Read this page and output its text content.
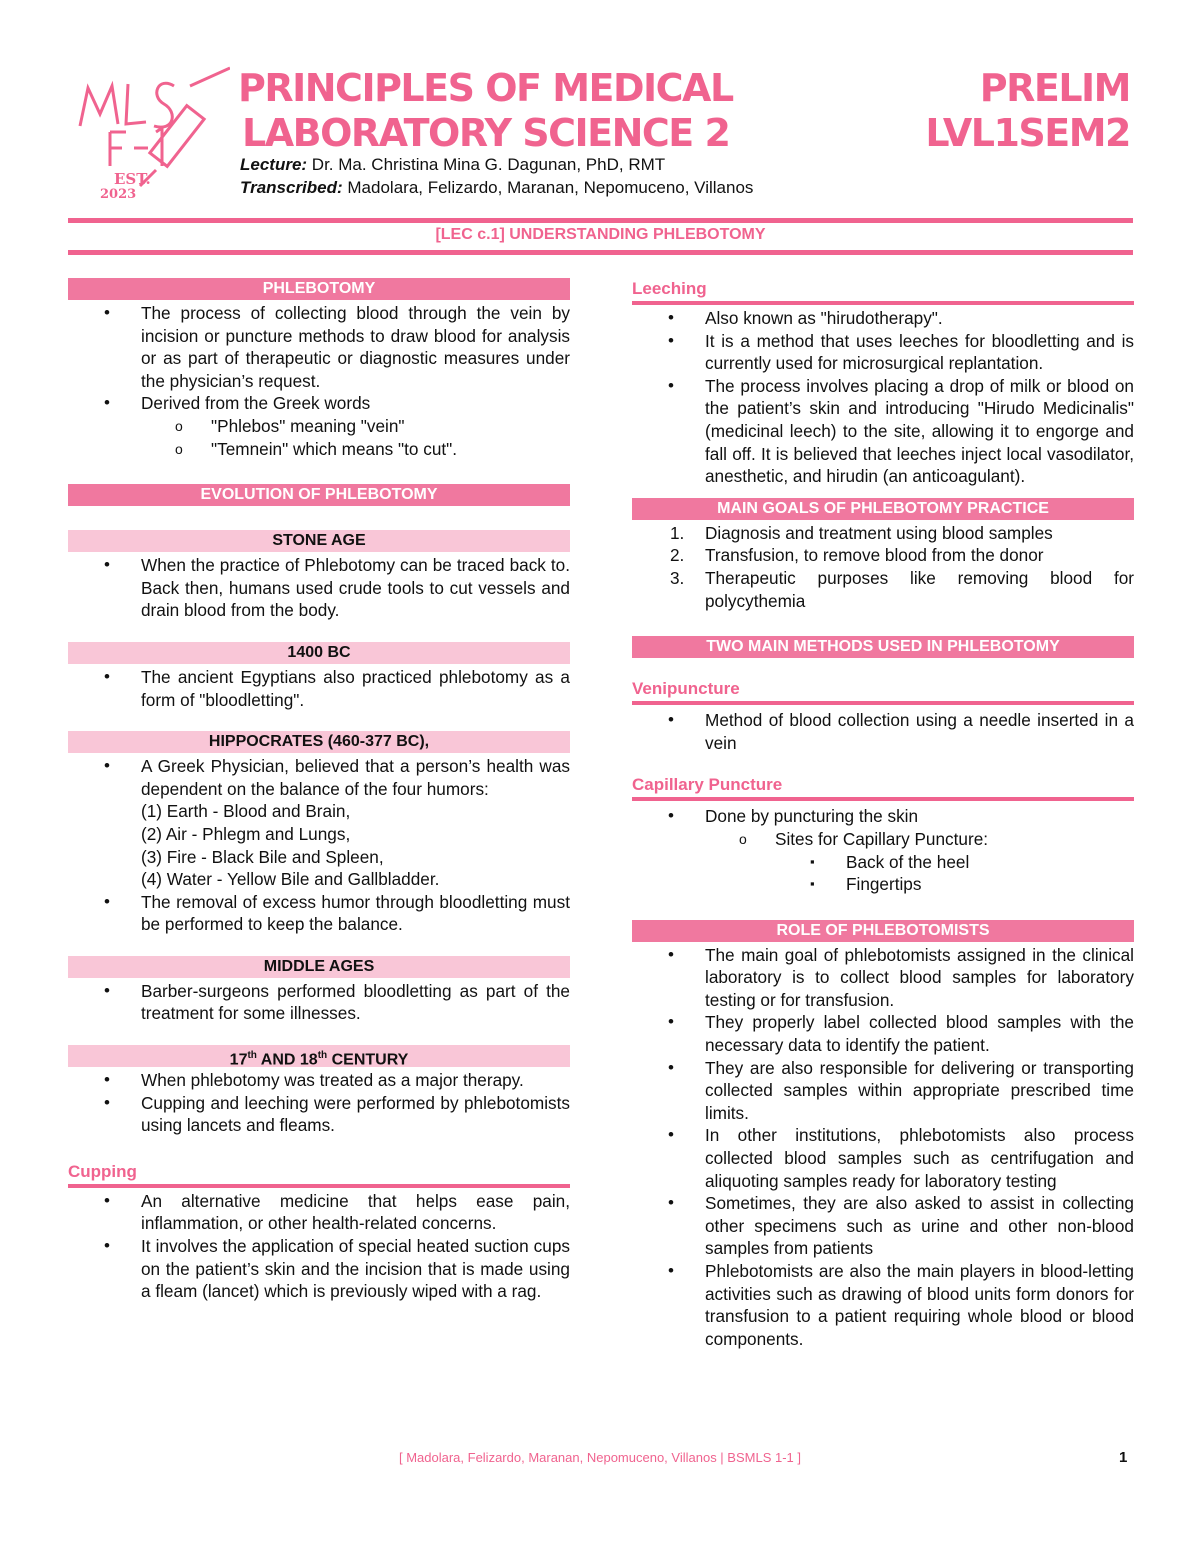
EST.
2023
PRINCIPLES OF MEDICAL
LABORATORY SCIENCE 2
PRELIM
LVL1SEM2
Lecture: Dr. Ma. Christina Mina G. Dagunan, PhD, RMT
Transcribed: Madolara, Felizardo, Maranan, Nepomuceno, Villanos
[LEC c.1] UNDERSTANDING PHLEBOTOMY
PHLEBOTOMY
• The process of collecting blood through the vein by incision or puncture methods to draw blood for analysis or as part of therapeutic or diagnostic measures under the physician’s request.
• Derived from the Greek words
o "Phlebos" meaning "vein"
o "Temnein" which means "to cut".
EVOLUTION OF PHLEBOTOMY
STONE AGE
• When the practice of Phlebotomy can be traced back to. Back then, humans used crude tools to cut vessels and drain blood from the body.
1400 BC
• The ancient Egyptians also practiced phlebotomy as a form of "bloodletting".
HIPPOCRATES (460-377 BC),
• A Greek Physician, believed that a person’s health was dependent on the balance of the four humors:
(1) Earth - Blood and Brain,
(2) Air - Phlegm and Lungs,
(3) Fire - Black Bile and Spleen,
(4) Water - Yellow Bile and Gallbladder.
• The removal of excess humor through bloodletting must be performed to keep the balance.
MIDDLE AGES
• Barber-surgeons performed bloodletting as part of the treatment for some illnesses.
17th AND 18th CENTURY
• When phlebotomy was treated as a major therapy.
• Cupping and leeching were performed by phlebotomists using lancets and fleams.
Cupping
• An alternative medicine that helps ease pain, inflammation, or other health-related concerns.
• It involves the application of special heated suction cups on the patient’s skin and the incision that is made using a fleam (lancet) which is previously wiped with a rag.
Leeching
• Also known as "hirudotherapy".
• It is a method that uses leeches for bloodletting and is currently used for microsurgical replantation.
• The process involves placing a drop of milk or blood on the patient’s skin and introducing "Hirudo Medicinalis" (medicinal leech) to the site, allowing it to engorge and fall off. It is believed that leeches inject local vasodilator, anesthetic, and hirudin (an anticoagulant).
MAIN GOALS OF PHLEBOTOMY PRACTICE
1. Diagnosis and treatment using blood samples
2. Transfusion, to remove blood from the donor
3. Therapeutic purposes like removing blood for polycythemia
TWO MAIN METHODS USED IN PHLEBOTOMY
Venipuncture
• Method of blood collection using a needle inserted in a vein
Capillary Puncture
• Done by puncturing the skin
o Sites for Capillary Puncture:
▪ Back of the heel
▪ Fingertips
ROLE OF PHLEBOTOMISTS
• The main goal of phlebotomists assigned in the clinical laboratory is to collect blood samples for laboratory testing or for transfusion.
• They properly label collected blood samples with the necessary data to identify the patient.
• They are also responsible for delivering or transporting collected samples within appropriate prescribed time limits.
• In other institutions, phlebotomists also process collected blood samples such as centrifugation and aliquoting samples ready for laboratory testing
• Sometimes, they are also asked to assist in collecting other specimens such as urine and other non-blood samples from patients
• Phlebotomists are also the main players in blood-letting activities such as drawing of blood units form donors for transfusion to a patient requiring whole blood or blood components.
[ Madolara, Felizardo, Maranan, Nepomuceno, Villanos | BSMLS 1-1 ]	1
